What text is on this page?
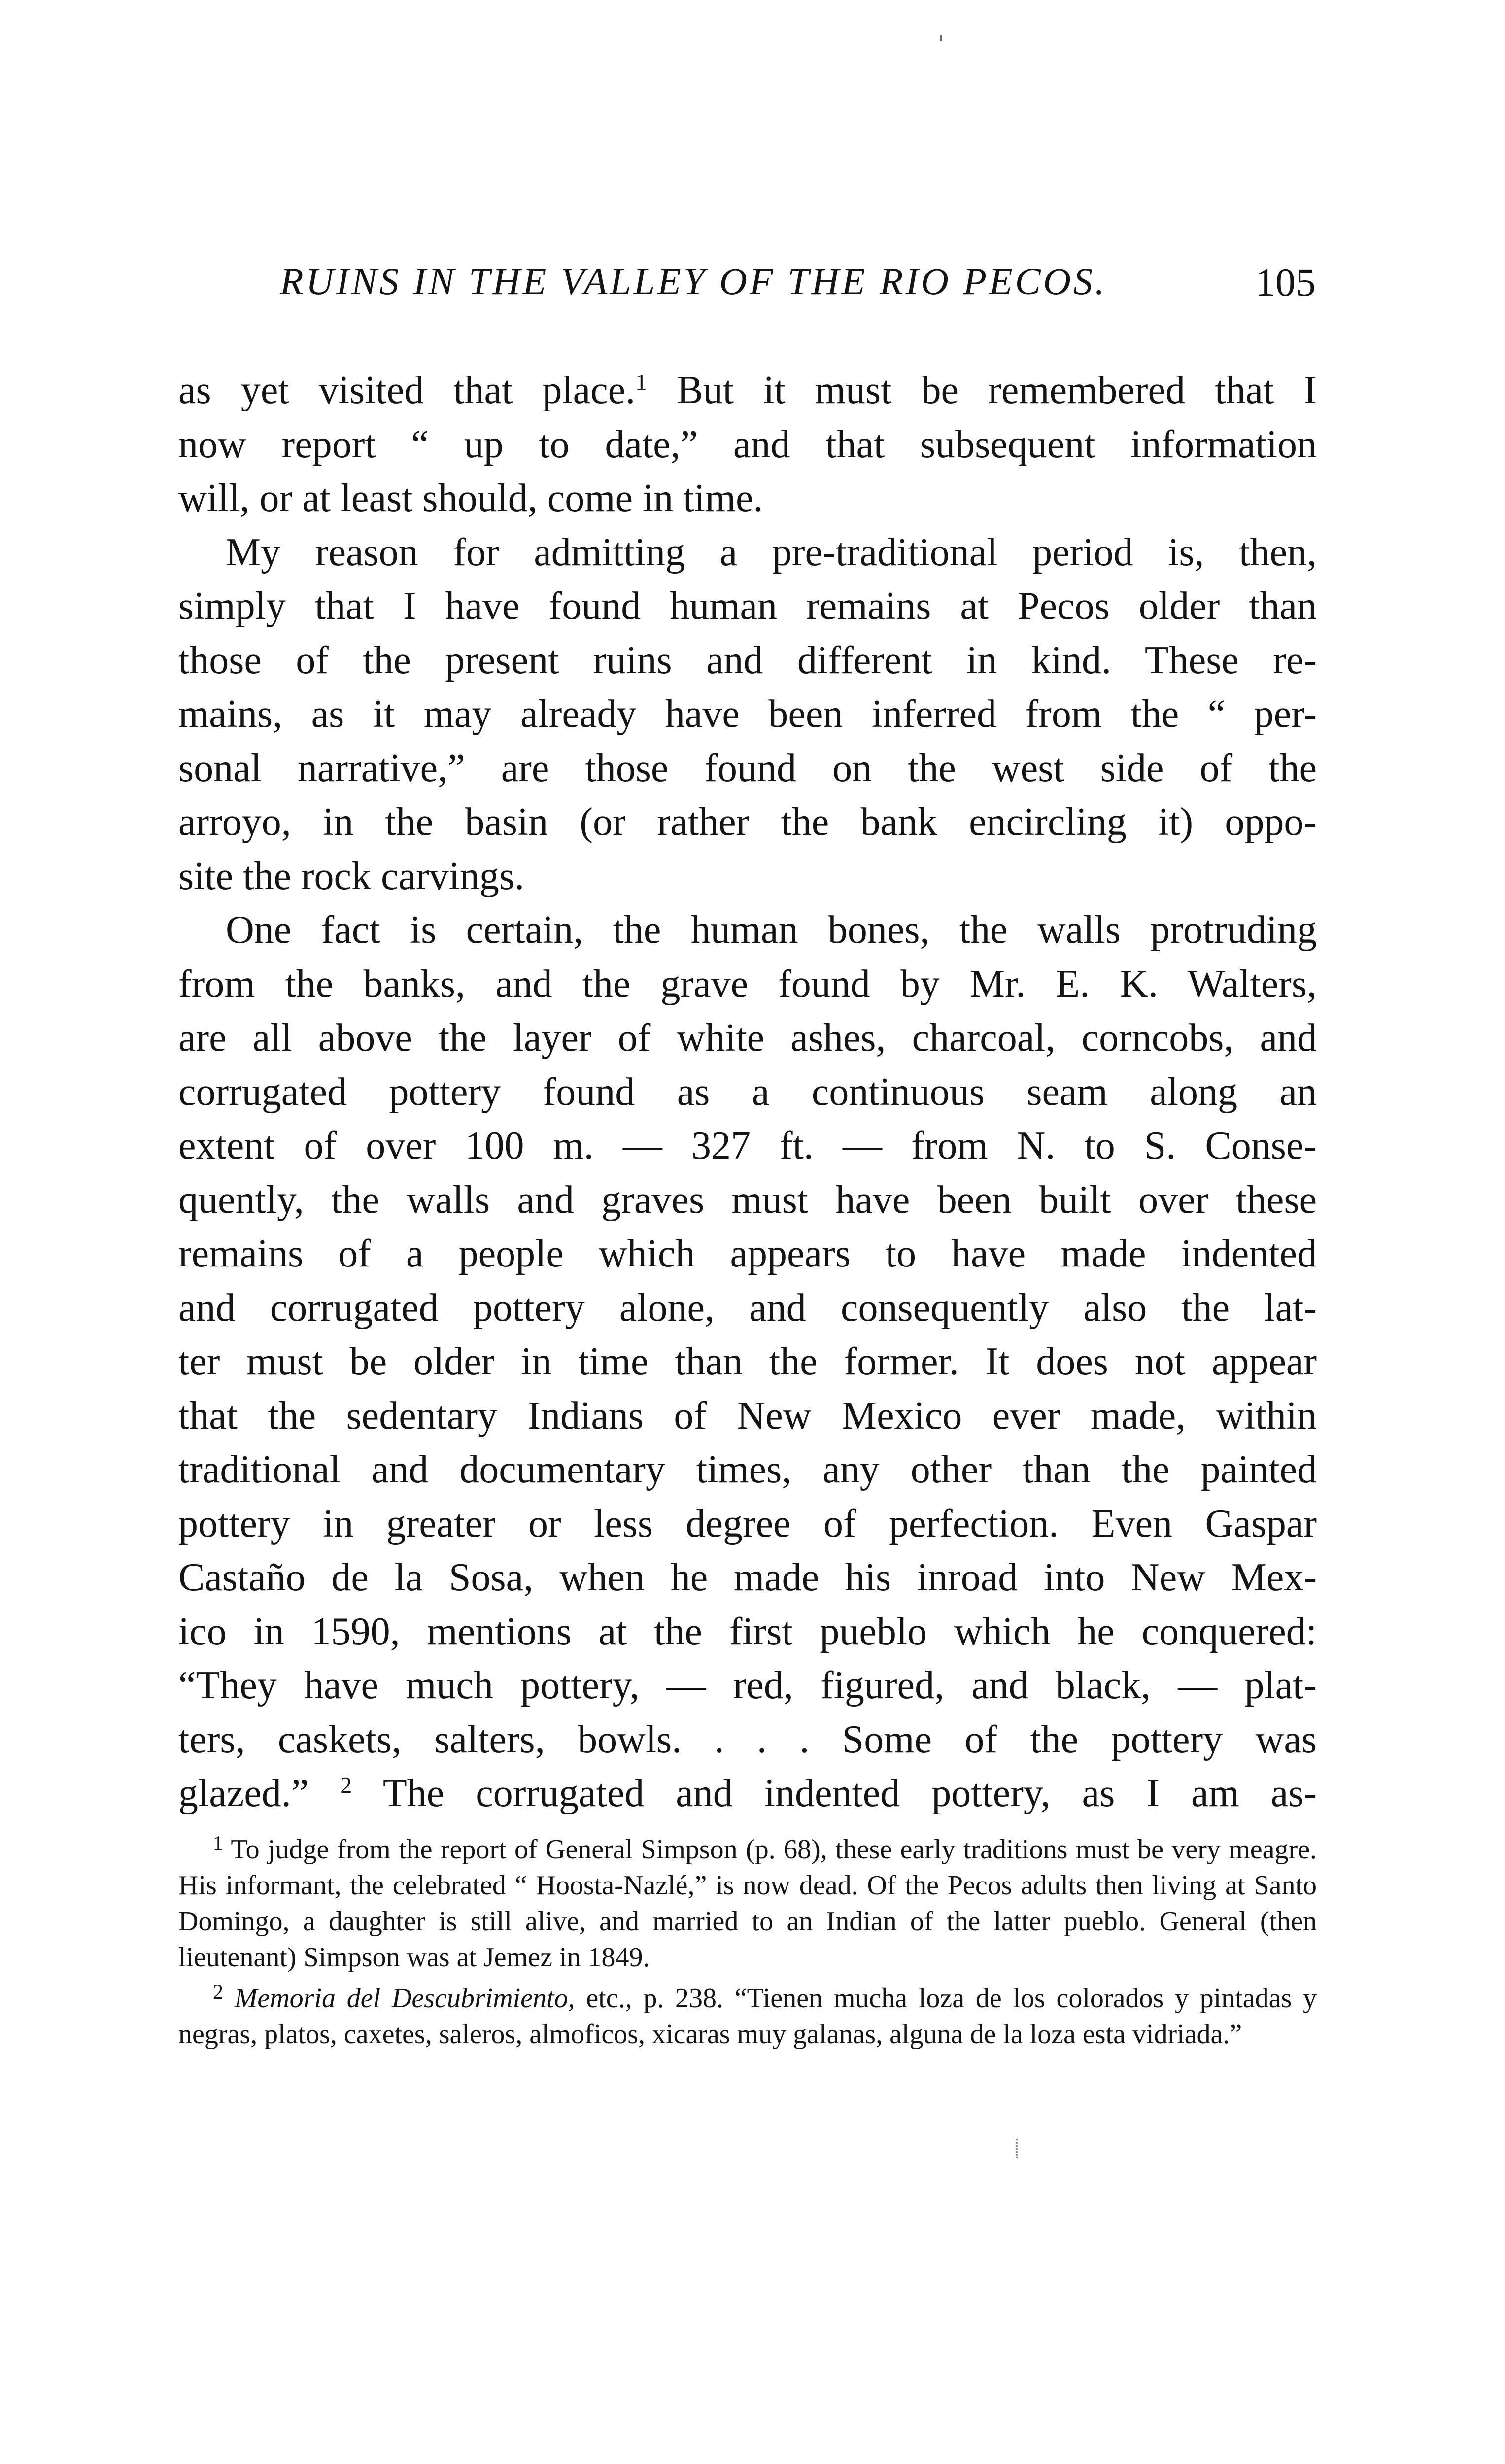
RUINS IN THE VALLEY OF THE RIO PECOS.	105

as yet visited that place.$^1$ But it must be remembered that I

now report “ up to date,” and that subsequent information

will, or at least should, come in time.

My reason for admitting a pre-traditional period is, then,

simply that I have found human remains at Pecos older than

those of the present ruins and different in kind. These re-

mains, as it may already have been inferred from the “ per-

sonal narrative,” are those found on the west side of the

arroyo, in the basin (or rather the bank encircling it) oppo-

site the rock carvings.

One fact is certain, the human bones, the walls protruding

from the banks, and the grave found by Mr. E. K. Walters,

are all above the layer of white ashes, charcoal, corncobs, and

corrugated pottery found as a continuous seam along an

extent of over 100 m. — 327 ft. — from N. to S. Conse-

quently, the walls and graves must have been built over these

remains of a people which appears to have made indented

and corrugated pottery alone, and consequently also the lat-

ter must be older in time than the former. It does not appear

that the sedentary Indians of New Mexico ever made, within

traditional and documentary times, any other than the painted

pottery in greater or less degree of perfection. Even Gaspar

Castaño de la Sosa, when he made his inroad into New Mex-

ico in 1590, mentions at the first pueblo which he conquered:

“They have much pottery, — red, figured, and black, — plat-

ters, caskets, salters, bowls. . . . Some of the pottery was

glazed.” $^2$ The corrugated and indented pottery, as I am as-

$^1$ To judge from the report of General Simpson (p. 68), these early traditions must be very meagre. His informant, the celebrated “ Hoosta-Nazlé,” is now dead. Of the Pecos adults then living at Santo Domingo, a daughter is still alive, and married to an Indian of the latter pueblo. General (then lieutenant) Simpson was at Jemez in 1849.

$^2$ Memoria del Descubrimiento, etc., p. 238. “Tienen mucha loza de los colorados y pintadas y negras, platos, caxetes, saleros, almoficos, xicaras muy galanas, alguna de la loza esta vidriada.”
